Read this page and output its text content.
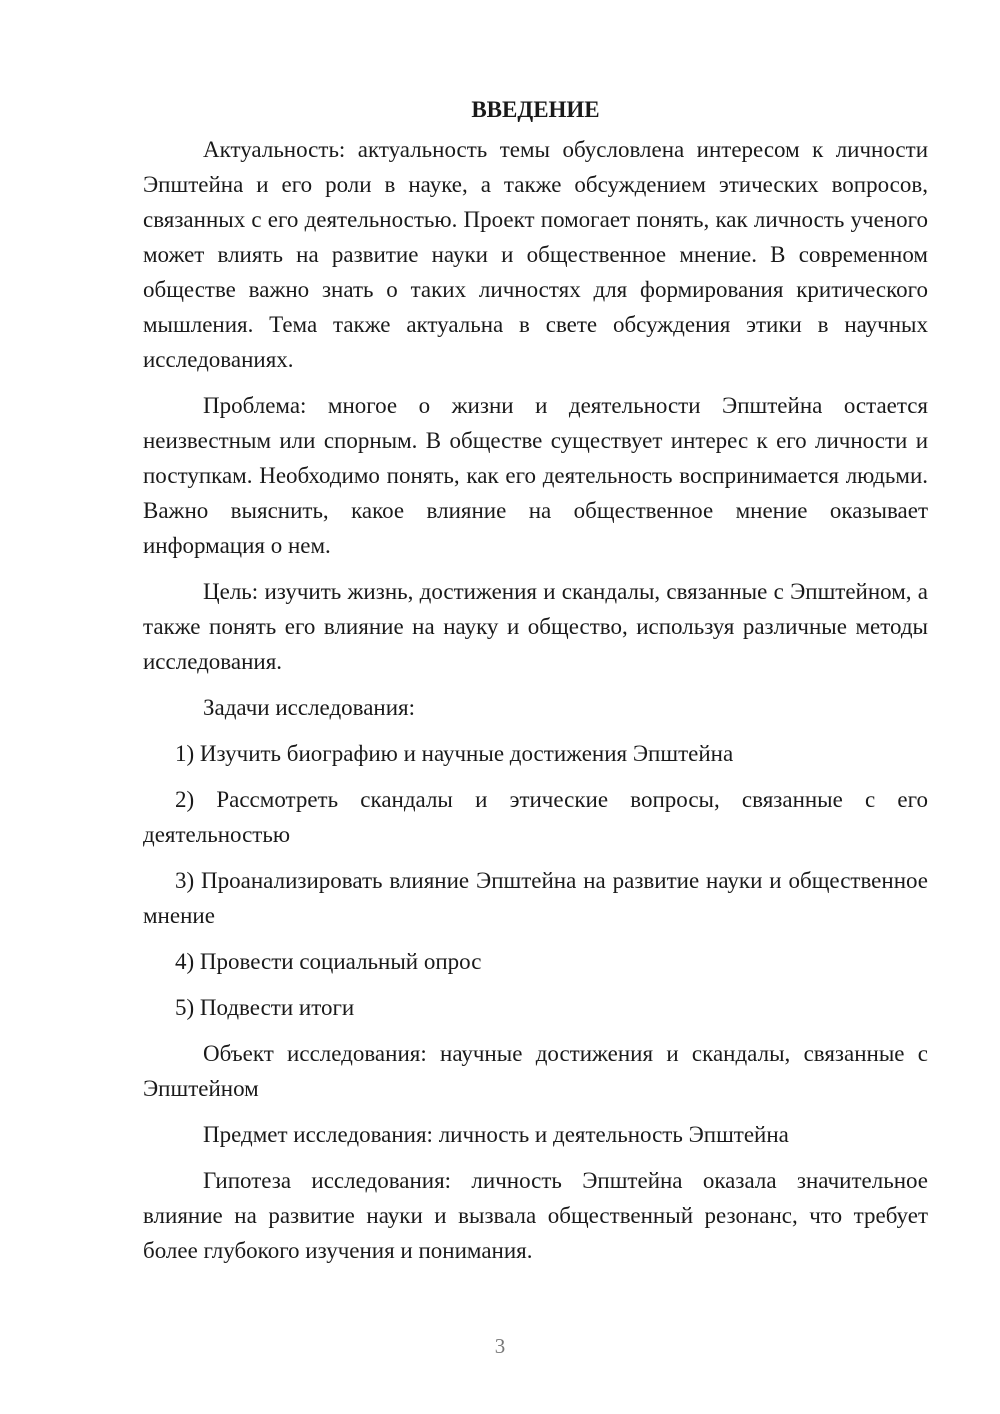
ВВЕДЕНИЕ

Актуальность: актуальность темы обусловлена интересом к личности Эпштейна и его роли в науке, а также обсуждением этических вопросов, связанных с его деятельностью. Проект помогает понять, как личность ученого может влиять на развитие науки и общественное мнение. В современном обществе важно знать о таких личностях для формирования критического мышления. Тема также актуальна в свете обсуждения этики в научных исследованиях.

Проблема: многое о жизни и деятельности Эпштейна остается неизвестным или спорным. В обществе существует интерес к его личности и поступкам. Необходимо понять, как его деятельность воспринимается людьми. Важно выяснить, какое влияние на общественное мнение оказывает информация о нем.

Цель: изучить жизнь, достижения и скандалы, связанные с Эпштейном, а также понять его влияние на науку и общество, используя различные методы исследования.

Задачи исследования:

1) Изучить биографию и научные достижения Эпштейна

2) Рассмотреть скандалы и этические вопросы, связанные с его деятельностью

3) Проанализировать влияние Эпштейна на развитие науки и общественное мнение

4) Провести социальный опрос

5) Подвести итоги

Объект исследования: научные достижения и скандалы, связанные с Эпштейном

Предмет исследования: личность и деятельность Эпштейна

Гипотеза исследования: личность Эпштейна оказала значительное влияние на развитие науки и вызвала общественный резонанс, что требует более глубокого изучения и понимания.

3
